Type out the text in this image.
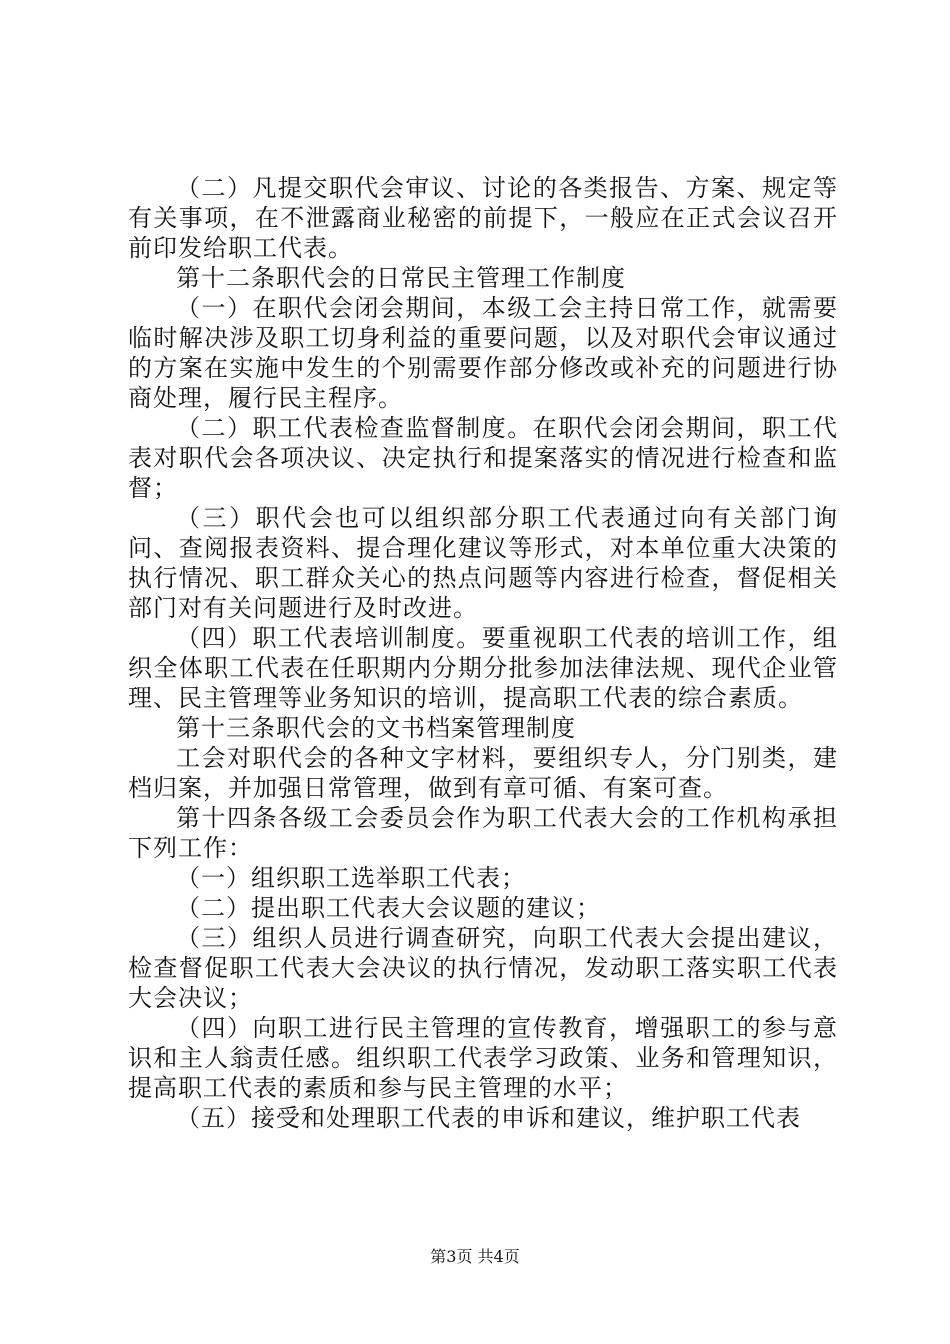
（二）凡提交职代会审议、讨论的各类报告、方案、规定等有关事项，在不泄露商业秘密的前提下，一般应在正式会议召开前印发给职工代表。

第十二条职代会的日常民主管理工作制度

（一）在职代会闭会期间，本级工会主持日常工作，就需要临时解决涉及职工切身利益的重要问题，以及对职代会审议通过的方案在实施中发生的个别需要作部分修改或补充的问题进行协商处理，履行民主程序。

（二）职工代表检查监督制度。在职代会闭会期间，职工代表对职代会各项决议、决定执行和提案落实的情况进行检查和监督；

（三）职代会也可以组织部分职工代表通过向有关部门询问、查阅报表资料、提合理化建议等形式，对本单位重大决策的执行情况、职工群众关心的热点问题等内容进行检查，督促相关部门对有关问题进行及时改进。

（四）职工代表培训制度。要重视职工代表的培训工作，组织全体职工代表在任职期内分期分批参加法律法规、现代企业管理、民主管理等业务知识的培训，提高职工代表的综合素质。

第十三条职代会的文书档案管理制度

工会对职代会的各种文字材料，要组织专人，分门别类，建档归案，并加强日常管理，做到有章可循、有案可查。

第十四条各级工会委员会作为职工代表大会的工作机构承担下列工作：

（一）组织职工选举职工代表；

（二）提出职工代表大会议题的建议；

（三）组织人员进行调查研究，向职工代表大会提出建议，检查督促职工代表大会决议的执行情况，发动职工落实职工代表大会决议；

（四）向职工进行民主管理的宣传教育，增强职工的参与意识和主人翁责任感。组织职工代表学习政策、业务和管理知识，提高职工代表的素质和参与民主管理的水平；

（五）接受和处理职工代表的申诉和建议，维护职工代表

第3页 共4页
